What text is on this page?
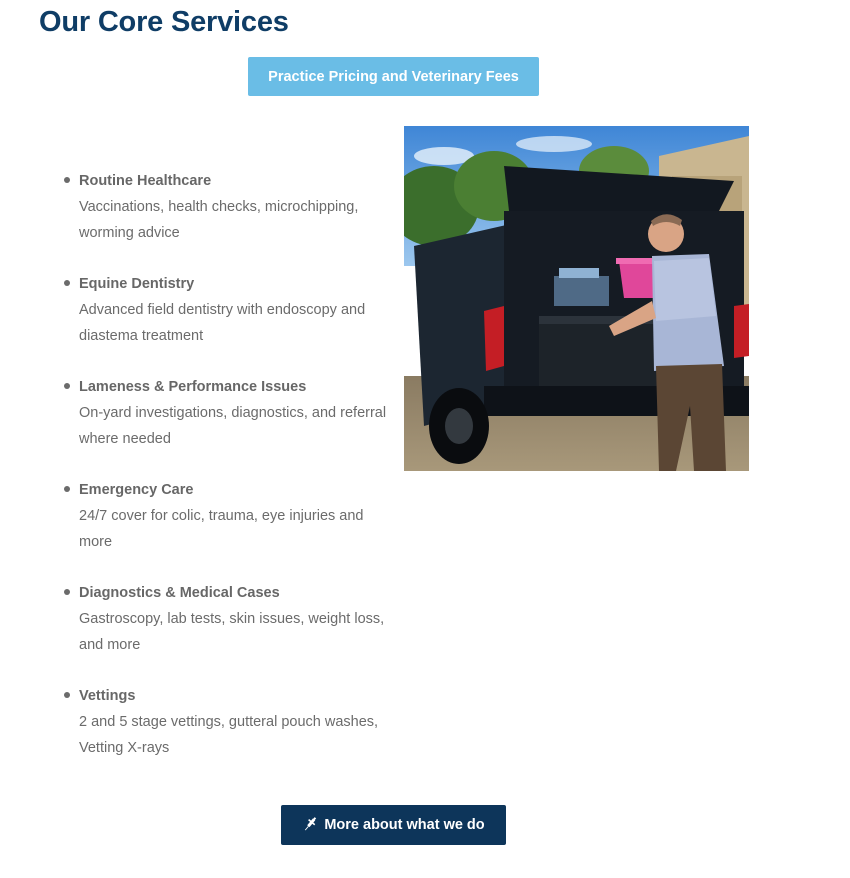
Our Core Services
Practice Pricing and Veterinary Fees
Routine Healthcare
Vaccinations, health checks, microchipping, worming advice
Equine Dentistry
Advanced field dentistry with endoscopy and diastema treatment
Lameness & Performance Issues
On-yard investigations, diagnostics, and referral where needed
Emergency Care
24/7 cover for colic, trauma, eye injuries and more
Diagnostics & Medical Cases
Gastroscopy, lab tests, skin issues, weight loss, and more
Vettings
2 and 5 stage vettings, gutteral pouch washes, Vetting X-rays
More about what we do
